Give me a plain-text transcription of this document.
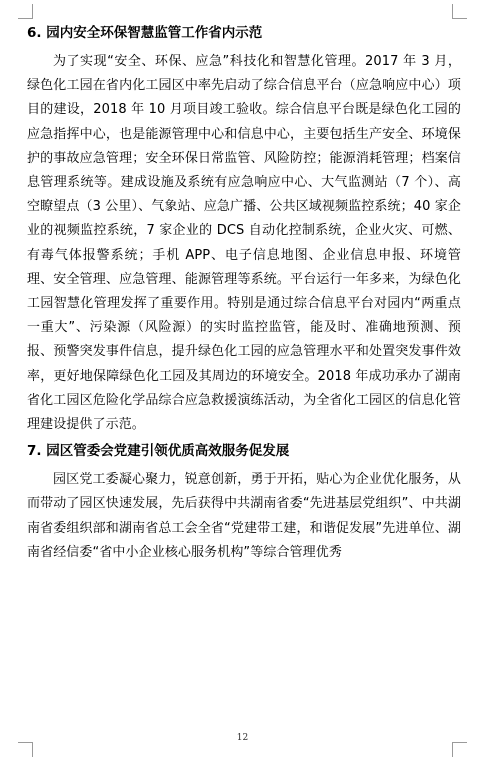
6. 园内安全环保智慧监管工作省内示范

为了实现“安全、环保、应急”科技化和智慧化管理。2017 年 3 月，绿色化工园在省内化工园区中率先启动了综合信息平台（应急响应中心）项目的建设，2018 年 10 月项目竣工验收。综合信息平台既是绿色化工园的应急指挥中心，也是能源管理中心和信息中心，主要包括生产安全、环境保护的事故应急管理；安全环保日常监管、风险防控；能源消耗管理；档案信息管理系统等。建成设施及系统有应急响应中心、大气监测站（7 个）、高空瞭望点（3 公里）、气象站、应急广播、公共区域视频监控系统；40 家企业的视频监控系统，7 家企业的 DCS 自动化控制系统，企业火灾、可燃、有毒气体报警系统；手机 APP、电子信息地图、企业信息申报、环境管理、安全管理、应急管理、能源管理等系统。平台运行一年多来，为绿色化工园智慧化管理发挥了重要作用。特别是通过综合信息平台对园内“两重点一重大”、污染源（风险源）的实时监控监管，能及时、准确地预测、预报、预警突发事件信息，提升绿色化工园的应急管理水平和处置突发事件效率，更好地保障绿色化工园及其周边的环境安全。2018 年成功承办了湖南省化工园区危险化学品综合应急救援演练活动，为全省化工园区的信息化管理建设提供了示范。

7. 园区管委会党建引领优质高效服务促发展

园区党工委凝心聚力，锐意创新，勇于开拓，贴心为企业优化服务，从而带动了园区快速发展，先后获得中共湖南省委“先进基层党组织”、中共湖南省委组织部和湖南省总工会全省“党建带工建，和谐促发展”先进单位、湖南省经信委“省中小企业核心服务机构”等综合管理优秀

12
